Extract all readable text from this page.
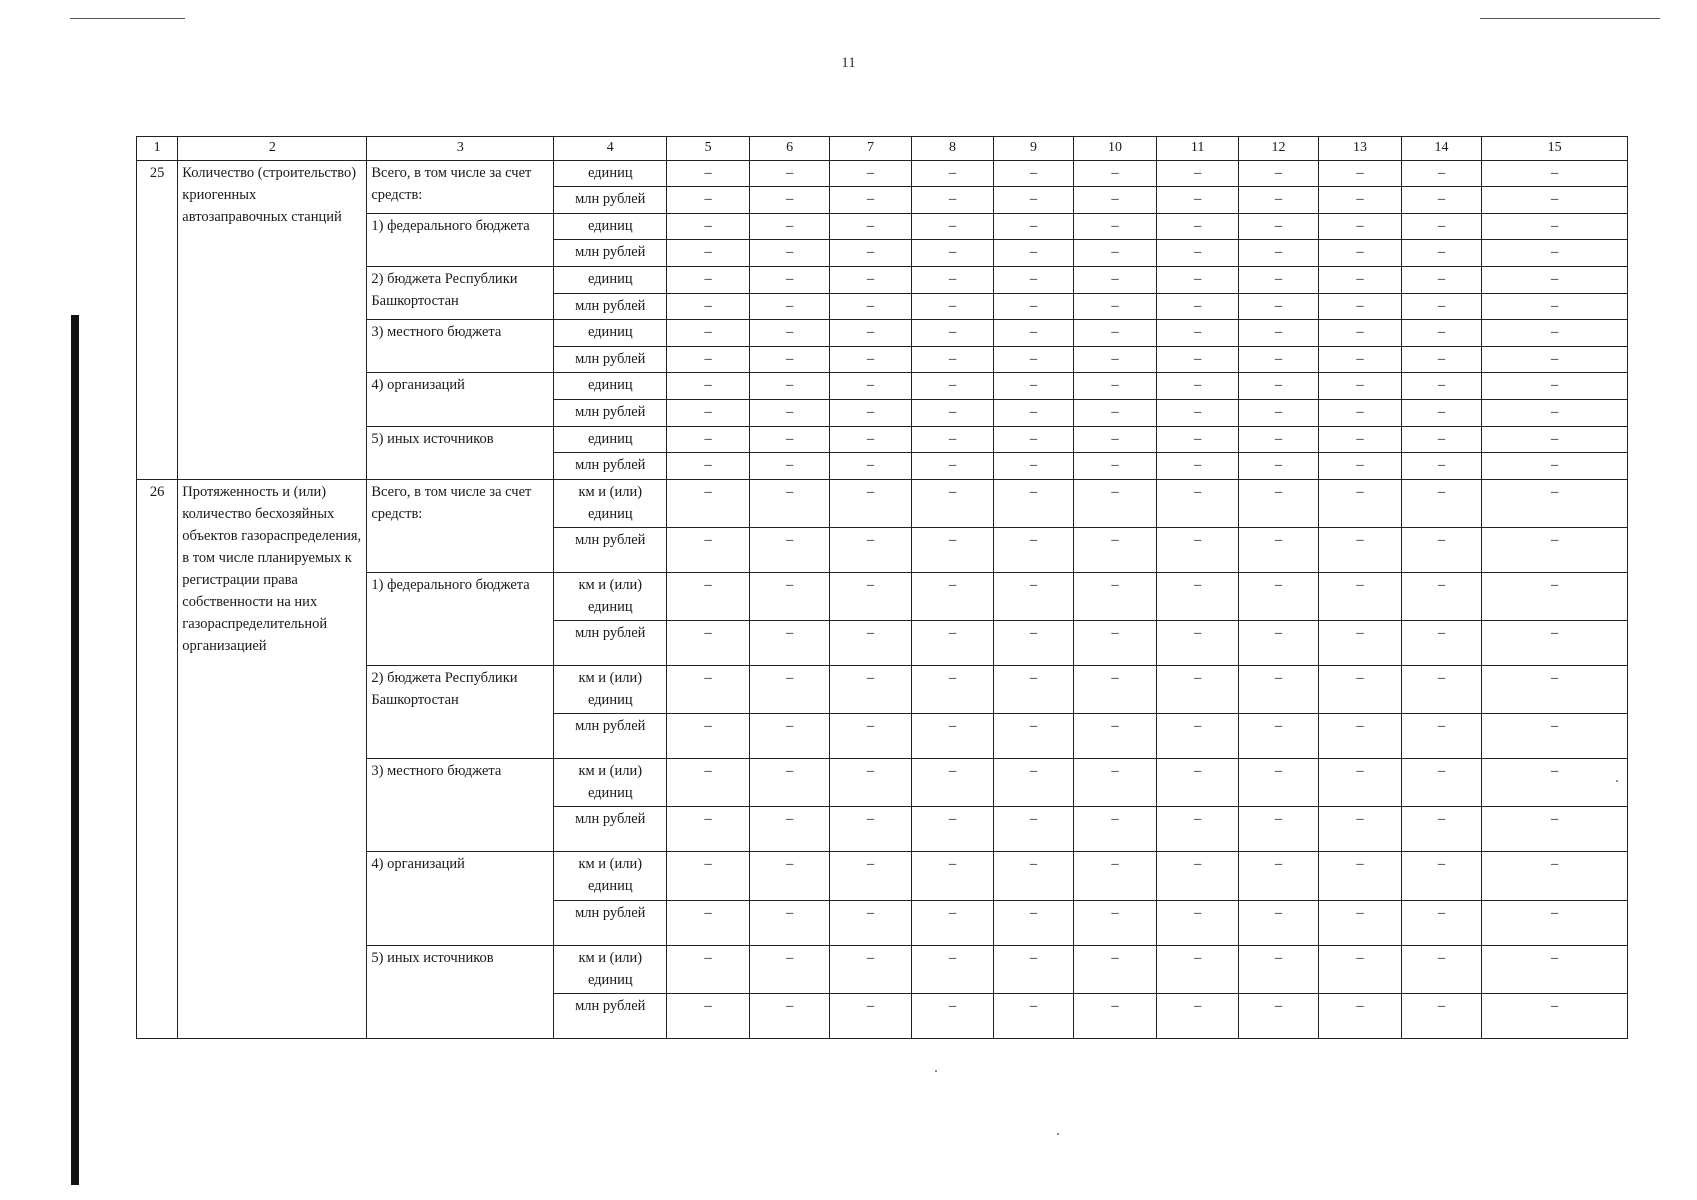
11
1	2	3	4	5	6	7	8	9	10	11	12	13	14	15
25	Количество (строительство) криогенных автозаправочных станций	Всего, в том числе за счет средств:	единиц	–	–	–	–	–	–	–	–	–	–	–
			млн рублей	–	–	–	–	–	–	–	–	–	–	–
		1) федерального бюджета	единиц	–	–	–	–	–	–	–	–	–	–	–
			млн рублей	–	–	–	–	–	–	–	–	–	–	–
		2) бюджета Республики Башкортостан	единиц	–	–	–	–	–	–	–	–	–	–	–
			млн рублей	–	–	–	–	–	–	–	–	–	–	–
		3) местного бюджета	единиц	–	–	–	–	–	–	–	–	–	–	–
			млн рублей	–	–	–	–	–	–	–	–	–	–	–
		4) организаций	единиц	–	–	–	–	–	–	–	–	–	–	–
			млн рублей	–	–	–	–	–	–	–	–	–	–	–
		5) иных источников	единиц	–	–	–	–	–	–	–	–	–	–	–
			млн рублей	–	–	–	–	–	–	–	–	–	–	–
26	Протяженность и (или) количество бесхозяйных объектов газораспределения, в том числе планируемых к регистрации права собственности на них газораспределительной организацией	Всего, в том числе за счет средств:	км и (или) единиц	–	–	–	–	–	–	–	–	–	–	–
			млн рублей	–	–	–	–	–	–	–	–	–	–	–
		1) федерального бюджета	км и (или) единиц	–	–	–	–	–	–	–	–	–	–	–
			млн рублей	–	–	–	–	–	–	–	–	–	–	–
		2) бюджета Республики Башкортостан	км и (или) единиц	–	–	–	–	–	–	–	–	–	–	–
			млн рублей	–	–	–	–	–	–	–	–	–	–	–
		3) местного бюджета	км и (или) единиц	–	–	–	–	–	–	–	–	–	–	–
			млн рублей	–	–	–	–	–	–	–	–	–	–	–
		4) организаций	км и (или) единиц	–	–	–	–	–	–	–	–	–	–	–
			млн рублей	–	–	–	–	–	–	–	–	–	–	–
		5) иных источников	км и (или) единиц	–	–	–	–	–	–	–	–	–	–	–
			млн рублей	–	–	–	–	–	–	–	–	–	–	–
